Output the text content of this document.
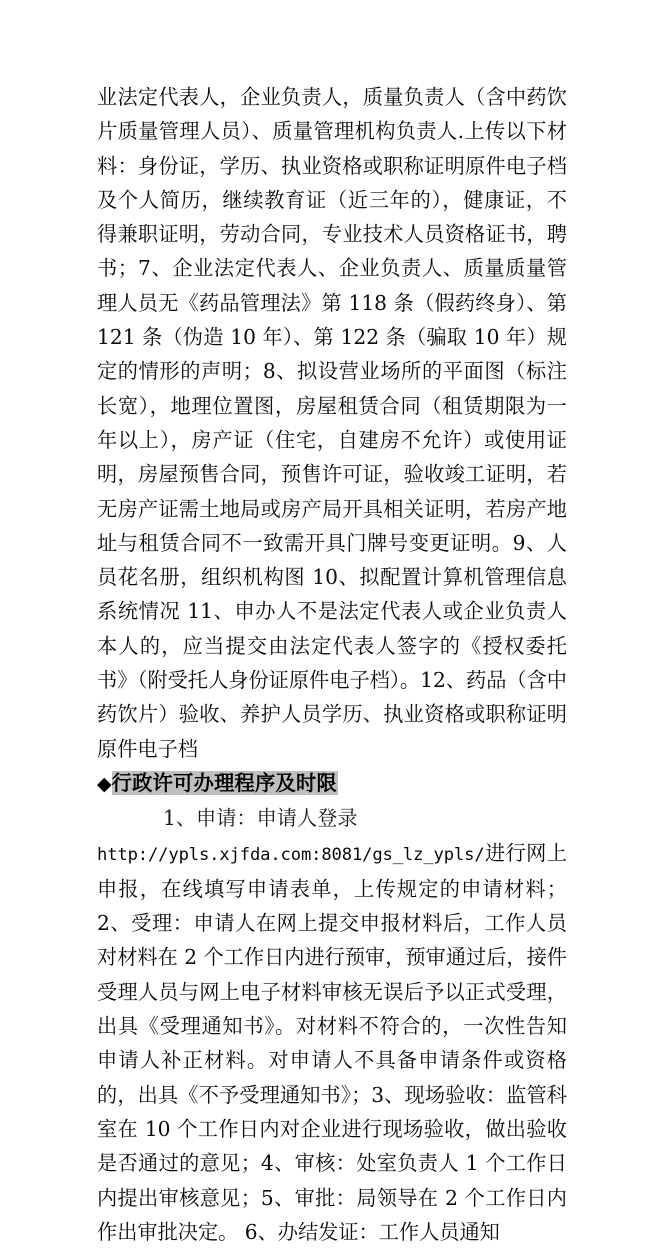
业法定代表人，企业负责人，质量负责人（含中药饮片质量管理人员）、质量管理机构负责人.上传以下材料：身份证，学历、执业资格或职称证明原件电子档及个人简历，继续教育证（近三年的），健康证，不得兼职证明，劳动合同，专业技术人员资格证书，聘书；7、企业法定代表人、企业负责人、质量质量管理人员无《药品管理法》第 118 条（假药终身）、第 121 条（伪造 10 年）、第 122 条（骗取 10 年）规定的情形的声明；8、拟设营业场所的平面图（标注长宽），地理位置图，房屋租赁合同（租赁期限为一年以上），房产证（住宅，自建房不允许）或使用证明，房屋预售合同，预售许可证，验收竣工证明，若无房产证需土地局或房产局开具相关证明，若房产地址与租赁合同不一致需开具门牌号变更证明。9、人员花名册，组织机构图 10、拟配置计算机管理信息系统情况 11、申办人不是法定代表人或企业负责人本人的，应当提交由法定代表人签字的《授权委托书》（附受托人身份证原件电子档）。12、药品（含中药饮片）验收、养护人员学历、执业资格或职称证明原件电子档

◆行政许可办理程序及时限

1、申请：申请人登录

http://ypls.xjfda.com:8081/gs_lz_ypls/进行网上申报，在线填写申请表单，上传规定的申请材料；2、受理：申请人在网上提交申报材料后，工作人员对材料在 2 个工作日内进行预审，预审通过后，接件受理人员与网上电子材料审核无误后予以正式受理，出具《受理通知书》。对材料不符合的，一次性告知申请人补正材料。对申请人不具备申请条件或资格的，出具《不予受理通知书》；3、现场验收：监管科室在 10 个工作日内对企业进行现场验收，做出验收是否通过的意见；4、审核：处室负责人 1 个工作日内提出审核意见；5、审批：局领导在 2 个工作日内作出审批决定。 6、办结发证：工作人员通知
